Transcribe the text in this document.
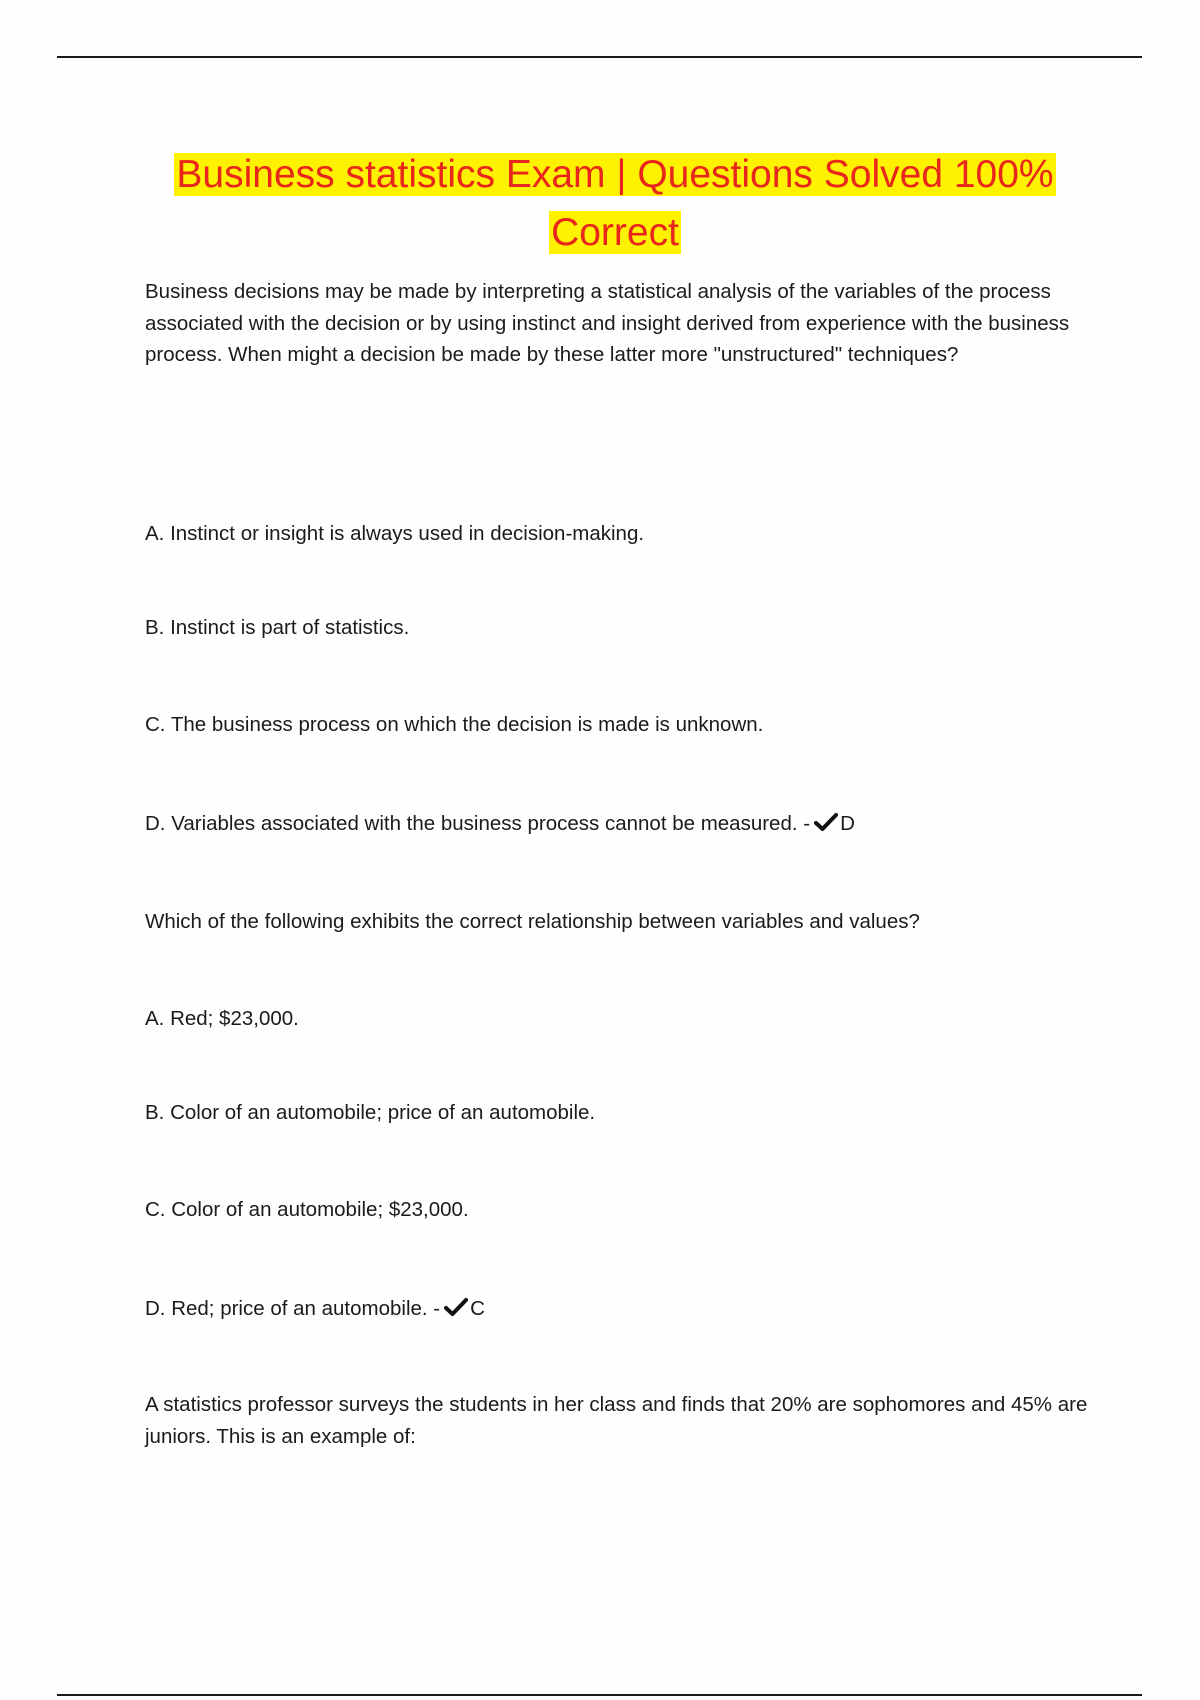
Business statistics Exam | Questions Solved 100% Correct

Business decisions may be made by interpreting a statistical analysis of the variables of the process associated with the decision or by using instinct and insight derived from experience with the business process. When might a decision be made by these latter more "unstructured" techniques?

A. Instinct or insight is always used in decision-making.

B. Instinct is part of statistics.

C. The business process on which the decision is made is unknown.

D. Variables associated with the business process cannot be measured. - D

Which of the following exhibits the correct relationship between variables and values?

A. Red; $23,000.

B. Color of an automobile; price of an automobile.

C. Color of an automobile; $23,000.

D. Red; price of an automobile. - C

A statistics professor surveys the students in her class and finds that 20% are sophomores and 45% are juniors. This is an example of:
